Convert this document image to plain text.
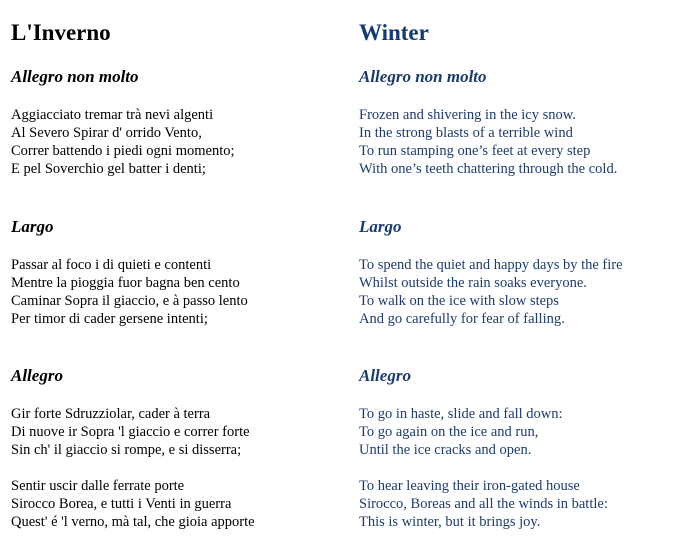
L'Inverno
Allegro non molto

Aggiacciato tremar trà nevi algenti
Al Severo Spirar d' orrido Vento,
Correr battendo i piedi ogni momento;
E pel Soverchio gel batter i denti;

Largo

Passar al foco i di quieti e contenti
Mentre la pioggia fuor bagna ben cento
Caminar Sopra il giaccio, e à passo lento
Per timor di cader gersene intenti;

Allegro

Gir forte Sdruzziolar, cader à terra
Di nuove ir Sopra 'l giaccio e correr forte
Sin ch' il giaccio si rompe, e si disserra;

Sentir uscir dalle ferrate porte
Sirocco Borea, e tutti i Venti in guerra
Quest' é 'l verno, mà tal, che gioia apporte

Winter
Allegro non molto

Frozen and shivering in the icy snow.
In the strong blasts of a terrible wind
To run stamping one’s feet at every step
With one’s teeth chattering through the cold.

Largo

To spend the quiet and happy days by the fire
Whilst outside the rain soaks everyone.
To walk on the ice with slow steps
And go carefully for fear of falling.

Allegro

To go in haste, slide and fall down:
To go again on the ice and run,
Until the ice cracks and open.

To hear leaving their iron-gated house
Sirocco, Boreas and all the winds in battle:
This is winter, but it brings joy.
